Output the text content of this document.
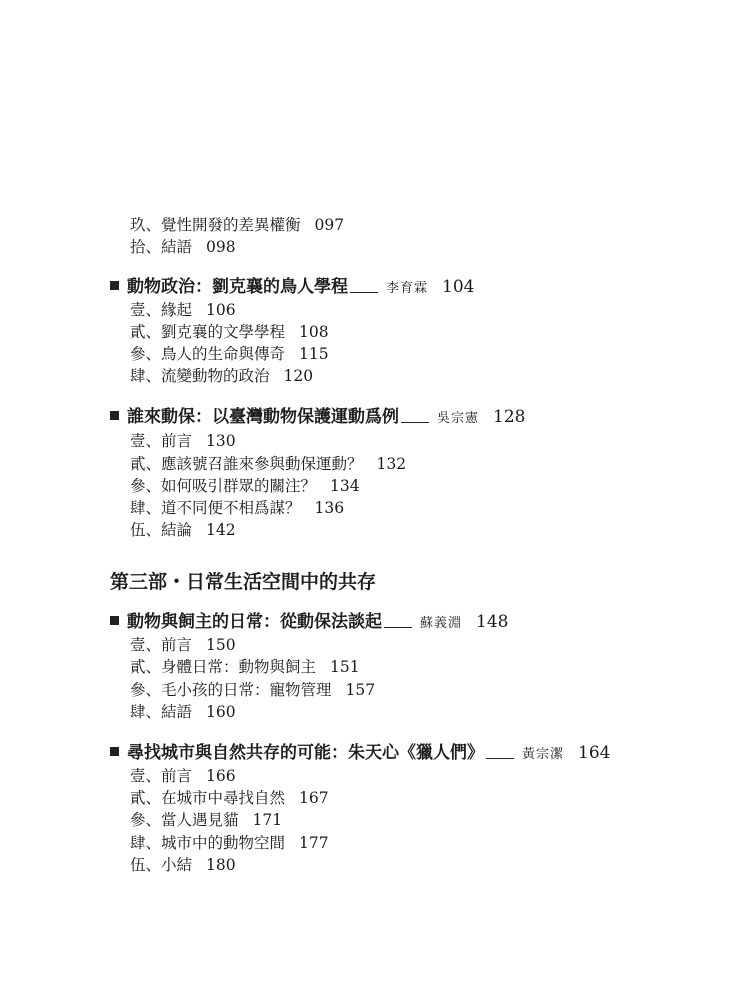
玖、覺性開發的差異權衡 097
拾、結語 098
動物政治：劉克襄的鳥人學程	李育霖 104
壹、緣起 106
貳、劉克襄的文學學程 108
參、鳥人的生命與傳奇 115
肆、流變動物的政治 120
誰來動保：以臺灣動物保護運動爲例	吳宗憲 128
壹、前言 130
貳、應該號召誰來參與動保運動？ 132
參、如何吸引群眾的關注？ 134
肆、道不同便不相爲謀？ 136
伍、結論 142
第三部・日常生活空間中的共存
動物與飼主的日常：從動保法談起	蘇義淵 148
壹、前言 150
貳、身體日常：動物與飼主 151
參、毛小孩的日常：寵物管理 157
肆、結語 160
尋找城市與自然共存的可能：朱天心《獵人們》	黃宗潔 164
壹、前言 166
貳、在城市中尋找自然 167
參、當人遇見貓 171
肆、城市中的動物空間 177
伍、小結 180
